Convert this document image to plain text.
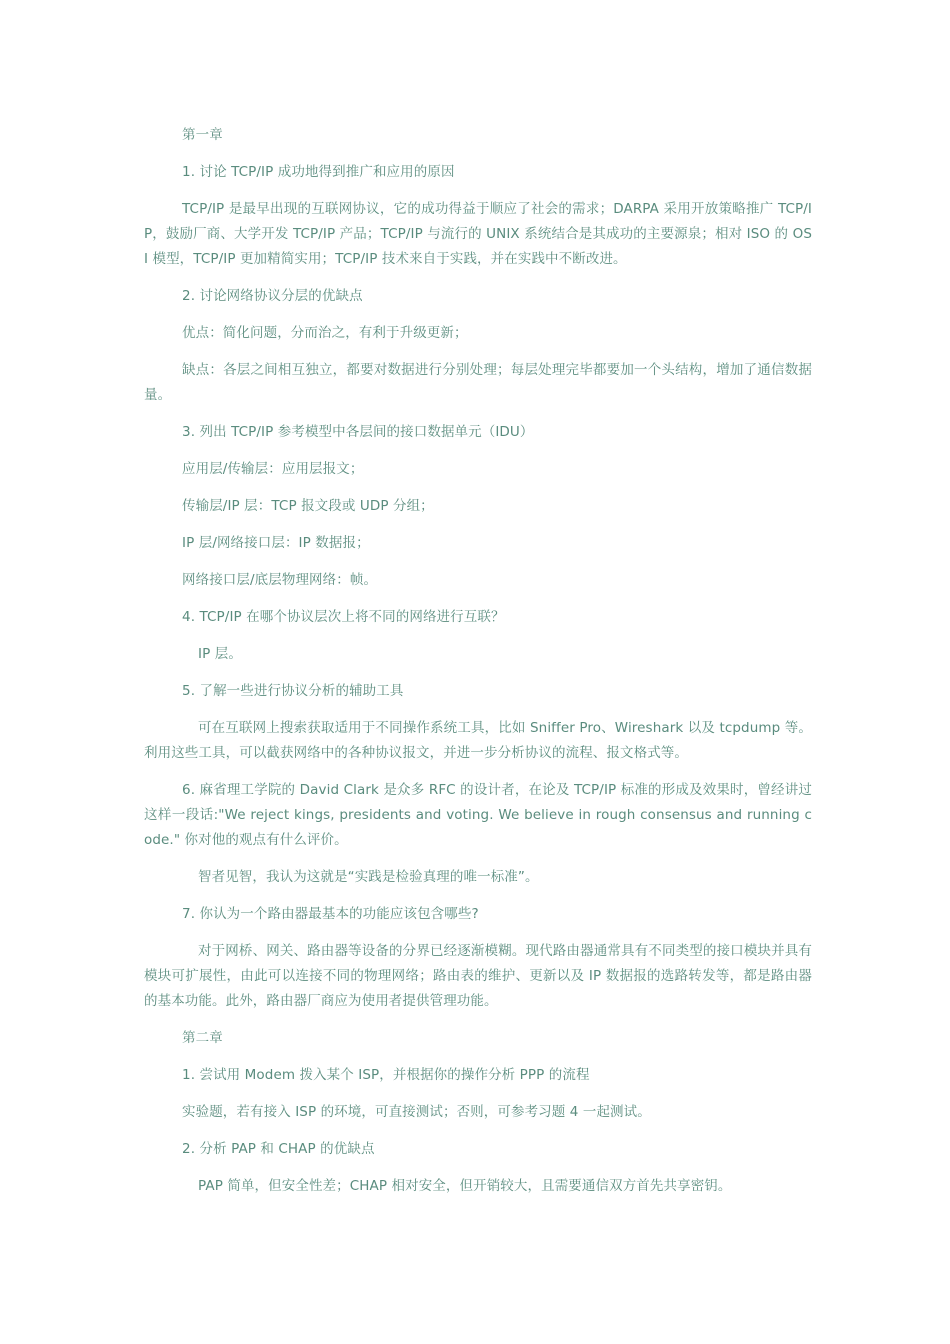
第一章

1. 讨论 TCP/IP 成功地得到推广和应用的原因

TCP/IP 是最早出现的互联网协议，它的成功得益于顺应了社会的需求；DARPA 采用开放策略推广 TCP/IP，鼓励厂商、大学开发 TCP/IP 产品；TCP/IP 与流行的 UNIX 系统结合是其成功的主要源泉；相对 ISO 的 OSI 模型，TCP/IP 更加精简实用；TCP/IP 技术来自于实践，并在实践中不断改进。

2. 讨论网络协议分层的优缺点

优点：简化问题，分而治之，有利于升级更新；

缺点：各层之间相互独立，都要对数据进行分别处理；每层处理完毕都要加一个头结构，增加了通信数据量。

3. 列出 TCP/IP 参考模型中各层间的接口数据单元（IDU）

应用层/传输层：应用层报文；

传输层/IP 层：TCP 报文段或 UDP 分组；

IP 层/网络接口层：IP 数据报；

网络接口层/底层物理网络：帧。

4. TCP/IP 在哪个协议层次上将不同的网络进行互联？

IP 层。

5. 了解一些进行协议分析的辅助工具

可在互联网上搜索获取适用于不同操作系统工具，比如 Sniffer Pro、Wireshark 以及 tcpdump 等。利用这些工具，可以截获网络中的各种协议报文，并进一步分析协议的流程、报文格式等。

6. 麻省理工学院的 David Clark 是众多 RFC 的设计者，在论及 TCP/IP 标准的形成及效果时，曾经讲过这样一段话:"We reject kings, presidents and voting. We believe in rough consensus and running code." 你对他的观点有什么评价。

智者见智，我认为这就是“实践是检验真理的唯一标准”。

7. 你认为一个路由器最基本的功能应该包含哪些?

对于网桥、网关、路由器等设备的分界已经逐渐模糊。现代路由器通常具有不同类型的接口模块并具有模块可扩展性，由此可以连接不同的物理网络；路由表的维护、更新以及 IP 数据报的选路转发等，都是路由器的基本功能。此外，路由器厂商应为使用者提供管理功能。

第二章

1. 尝试用 Modem 拨入某个 ISP，并根据你的操作分析 PPP 的流程

实验题，若有接入 ISP 的环境，可直接测试；否则，可参考习题 4 一起测试。

2. 分析 PAP 和 CHAP 的优缺点

PAP 简单，但安全性差；CHAP 相对安全，但开销较大，且需要通信双方首先共享密钥。
